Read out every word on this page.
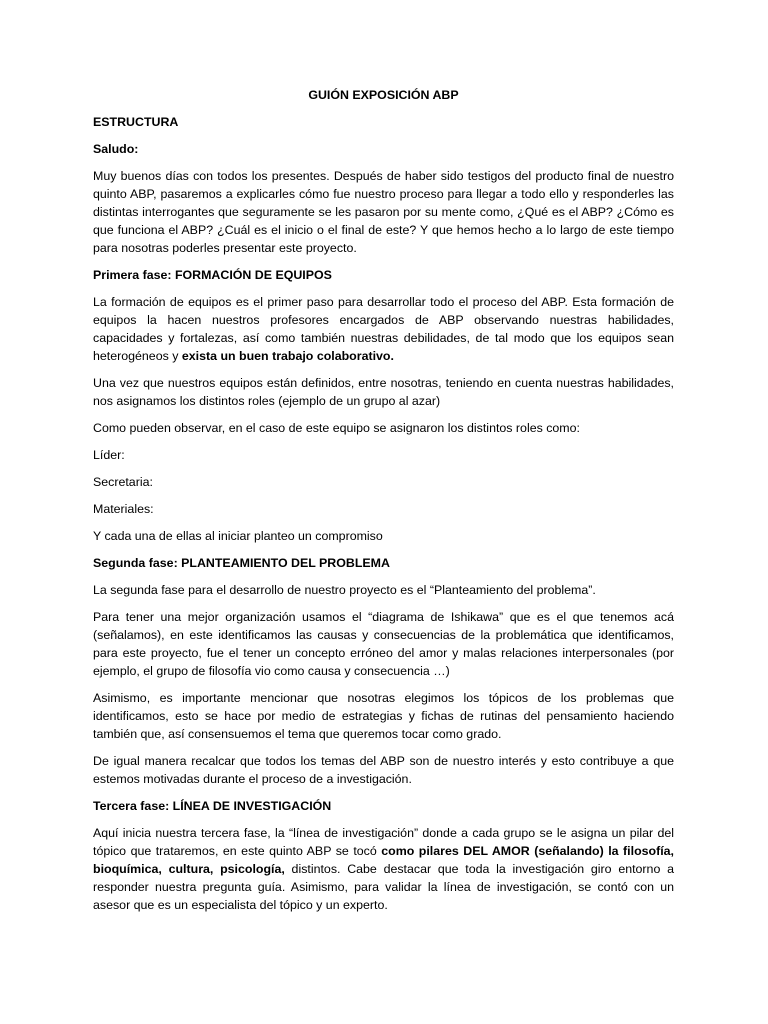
GUIÓN EXPOSICIÓN ABP

ESTRUCTURA

Saludo:

Muy buenos días con todos los presentes. Después de haber sido testigos del producto final de nuestro quinto ABP, pasaremos a explicarles cómo fue nuestro proceso para llegar a todo ello y responderles las distintas interrogantes que seguramente se les pasaron por su mente como, ¿Qué es el ABP? ¿Cómo es que funciona el ABP? ¿Cuál es el inicio o el final de este? Y que hemos hecho a lo largo de este tiempo para nosotras poderles presentar este proyecto.

Primera fase: FORMACIÓN DE EQUIPOS

La formación de equipos es el primer paso para desarrollar todo el proceso del ABP. Esta formación de equipos la hacen nuestros profesores encargados de ABP observando nuestras habilidades, capacidades y fortalezas, así como también nuestras debilidades, de tal modo que los equipos sean heterogéneos y exista un buen trabajo colaborativo.

Una vez que nuestros equipos están definidos, entre nosotras, teniendo en cuenta nuestras habilidades, nos asignamos los distintos roles (ejemplo de un grupo al azar)

Como pueden observar, en el caso de este equipo se asignaron los distintos roles como:

Líder:

Secretaria:

Materiales:

Y cada una de ellas al iniciar planteo un compromiso

Segunda fase: PLANTEAMIENTO DEL PROBLEMA

La segunda fase para el desarrollo de nuestro proyecto es el “Planteamiento del problema”.

Para tener una mejor organización usamos el “diagrama de Ishikawa” que es el que tenemos acá (señalamos), en este identificamos las causas y consecuencias de la problemática que identificamos, para este proyecto, fue el tener un concepto erróneo del amor y malas relaciones interpersonales (por ejemplo, el grupo de filosofía vio como causa y consecuencia …)

Asimismo, es importante mencionar que nosotras elegimos los tópicos de los problemas que identificamos, esto se hace por medio de estrategias y fichas de rutinas del pensamiento haciendo también que, así consensuemos el tema que queremos tocar como grado.

De igual manera recalcar que todos los temas del ABP son de nuestro interés y esto contribuye a que estemos motivadas durante el proceso de a investigación.

Tercera fase: LÍNEA DE INVESTIGACIÓN

Aquí inicia nuestra tercera fase, la “línea de investigación” donde a cada grupo se le asigna un pilar del tópico que trataremos, en este quinto ABP se tocó como pilares DEL AMOR (señalando) la filosofía, bioquímica, cultura, psicología, distintos. Cabe destacar que toda la investigación giro entorno a responder nuestra pregunta guía. Asimismo, para validar la línea de investigación, se contó con un asesor que es un especialista del tópico y un experto.
